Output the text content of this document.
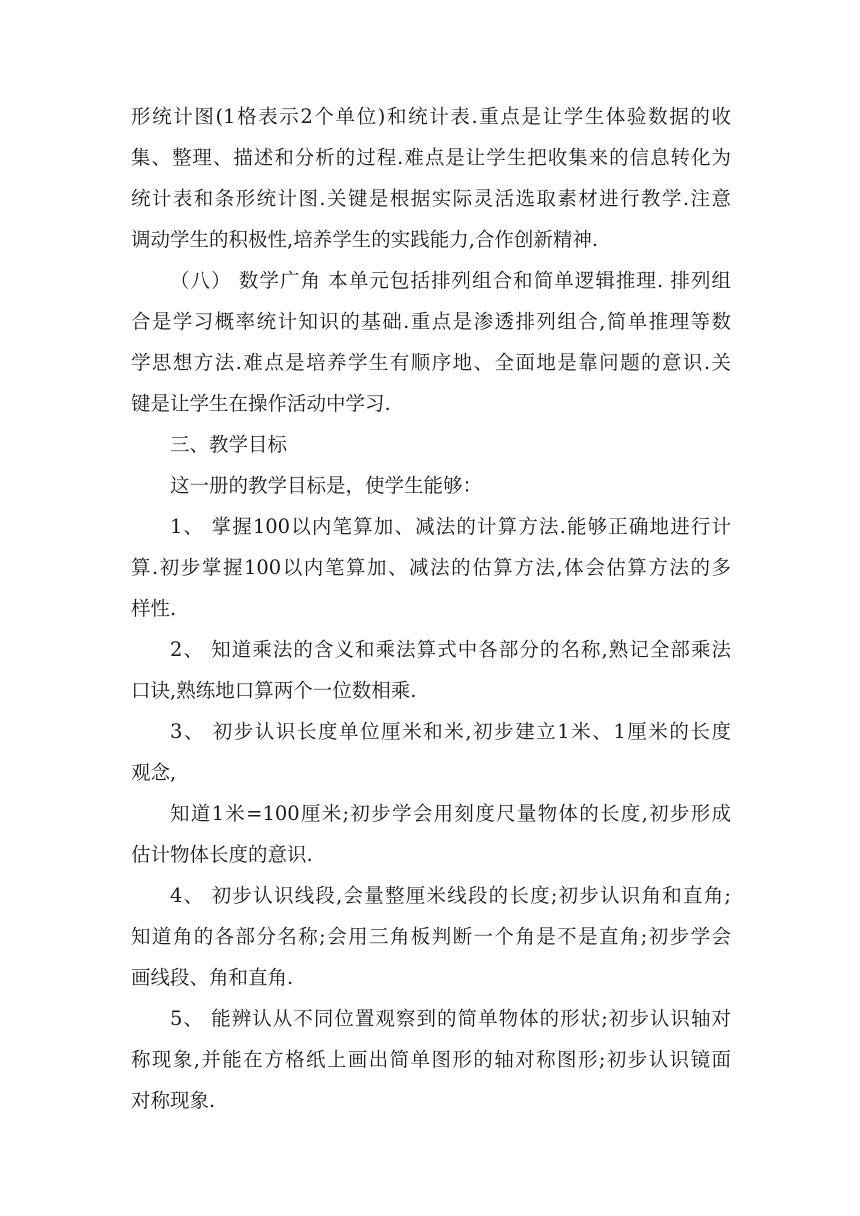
形统计图(1格表示2个单位)和统计表.重点是让学生体验数据的收
集、整理、描述和分析的过程.难点是让学生把收集来的信息转化为
统计表和条形统计图.关键是根据实际灵活选取素材进行教学.注意
调动学生的积极性,培养学生的实践能力,合作创新精神.
（八） 数学广角 本单元包括排列组合和简单逻辑推理. 排列组
合是学习概率统计知识的基础.重点是渗透排列组合,简单推理等数
学思想方法.难点是培养学生有顺序地、全面地是靠问题的意识.关
键是让学生在操作活动中学习.
三、教学目标
这一册的教学目标是，使学生能够：
1、 掌握100以内笔算加、减法的计算方法.能够正确地进行计
算.初步掌握100以内笔算加、减法的估算方法,体会估算方法的多
样性.
2、 知道乘法的含义和乘法算式中各部分的名称,熟记全部乘法
口诀,熟练地口算两个一位数相乘.
3、 初步认识长度单位厘米和米,初步建立1米、1厘米的长度
观念,
知道1米=100厘米;初步学会用刻度尺量物体的长度,初步形成
估计物体长度的意识.
4、 初步认识线段,会量整厘米线段的长度;初步认识角和直角;
知道角的各部分名称;会用三角板判断一个角是不是直角;初步学会
画线段、角和直角.
5、 能辨认从不同位置观察到的简单物体的形状;初步认识轴对
称现象,并能在方格纸上画出简单图形的轴对称图形;初步认识镜面
对称现象.
